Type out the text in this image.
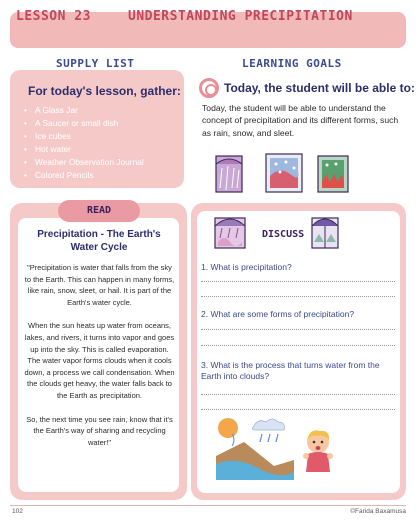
LESSON 23	UNDERSTANDING PRECIPITATION
SUPPLY LIST
For today's lesson, gather:
• A Glass Jar
• A Saucer or small dish
• Ice cubes
• Hot water
• Weather Observation Journal
• Colored Pencils
LEARNING GOALS
Today, the student will be able to:
Today, the student will be able to understand the concept of precipitation and its different forms, such as rain, snow, and sleet.
READ
Precipitation - The Earth's Water Cycle

"Precipitation is water that falls from the sky to the Earth. This can happen in many forms, like rain, snow, sleet, or hail. It is part of the Earth's water cycle.

When the sun heats up water from oceans, lakes, and rivers, it turns into vapor and goes up into the sky. This is called evaporation. The water vapor forms clouds when it cools down, a process we call condensation. When the clouds get heavy, the water falls back to the Earth as precipitation.

So, the next time you see rain, know that it's the Earth's way of sharing and recycling water!"

DISCUSS
1. What is precipitation?
2. What are some forms of precipitation?
3. What is the process that turns water from the Earth into clouds?
102	©Farida Baxamusa
